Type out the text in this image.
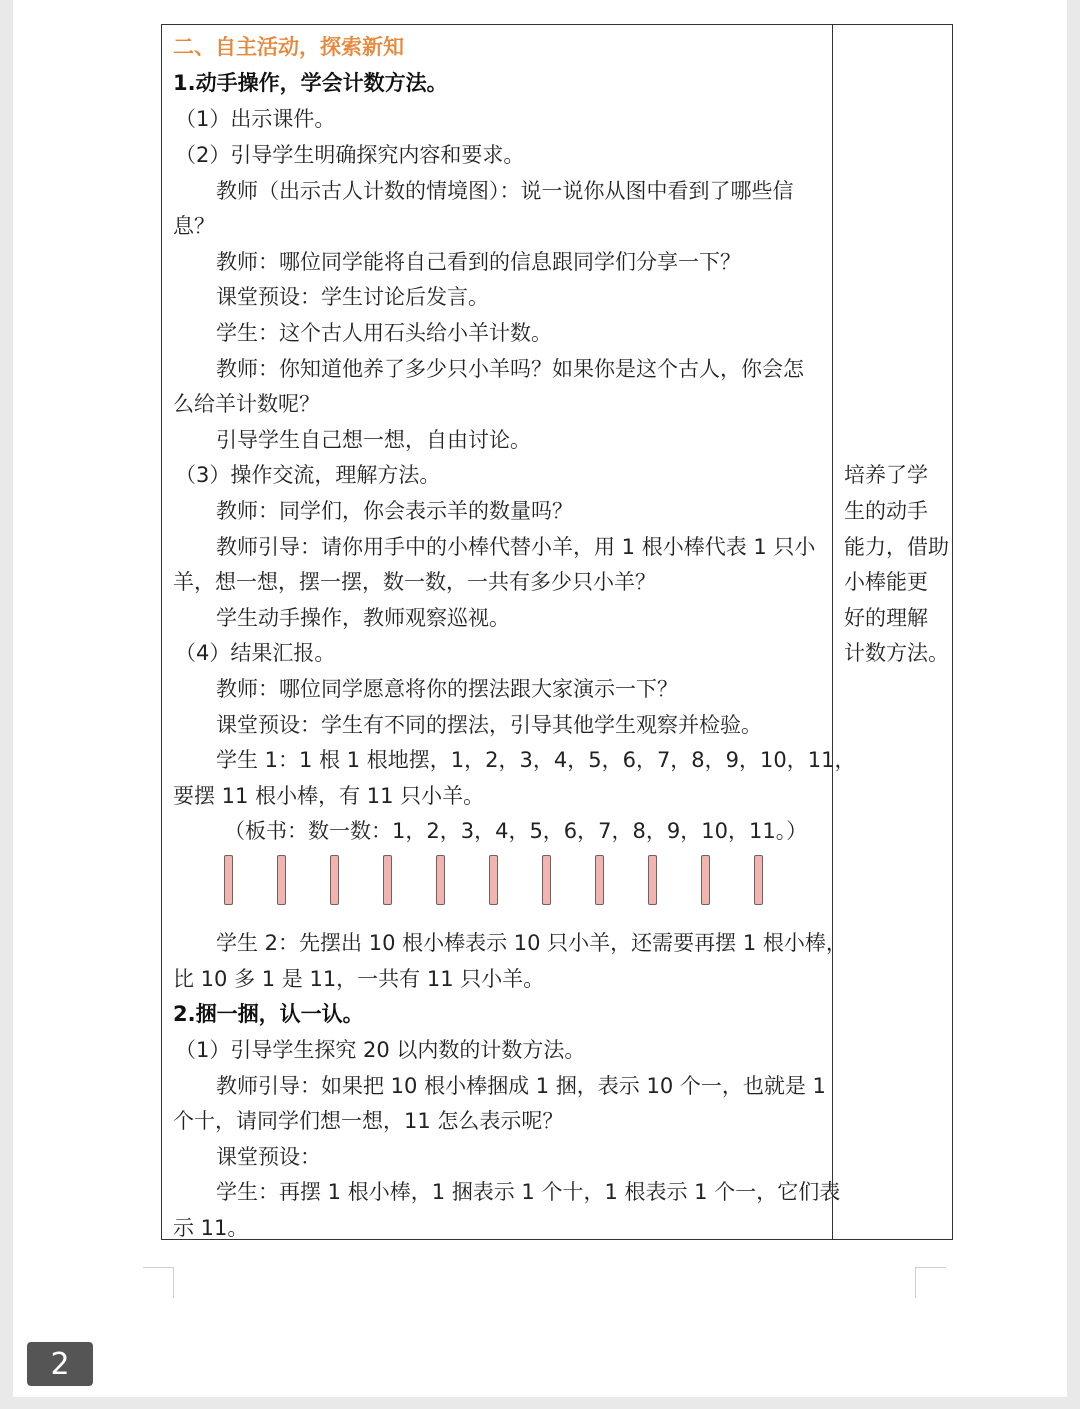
二、自主活动，探索新知
1.动手操作，学会计数方法。
（1）出示课件。
（2）引导学生明确探究内容和要求。
教师（出示古人计数的情境图）：说一说你从图中看到了哪些信
息？
教师：哪位同学能将自己看到的信息跟同学们分享一下？
课堂预设：学生讨论后发言。
学生：这个古人用石头给小羊计数。
教师：你知道他养了多少只小羊吗？如果你是这个古人，你会怎
么给羊计数呢？
引导学生自己想一想，自由讨论。
（3）操作交流，理解方法。
教师：同学们，你会表示羊的数量吗？
教师引导：请你用手中的小棒代替小羊，用 1 根小棒代表 1 只小
羊，想一想，摆一摆，数一数，一共有多少只小羊？
学生动手操作，教师观察巡视。
（4）结果汇报。
教师：哪位同学愿意将你的摆法跟大家演示一下？
课堂预设：学生有不同的摆法，引导其他学生观察并检验。
学生 1：1 根 1 根地摆，1，2，3，4，5，6，7，8，9，10，11，
要摆 11 根小棒，有 11 只小羊。
（板书：数一数：1，2，3，4，5，6，7，8，9，10，11。）
学生 2：先摆出 10 根小棒表示 10 只小羊，还需要再摆 1 根小棒，
比 10 多 1 是 11，一共有 11 只小羊。
2.捆一捆，认一认。
（1）引导学生探究 20 以内数的计数方法。
教师引导：如果把 10 根小棒捆成 1 捆，表示 10 个一，也就是 1
个十，请同学们想一想，11 怎么表示呢？
课堂预设：
学生：再摆 1 根小棒，1 捆表示 1 个十，1 根表示 1 个一，它们表
示 11。
培养了学
生的动手
能力，借助
小棒能更
好的理解
计数方法。
2
